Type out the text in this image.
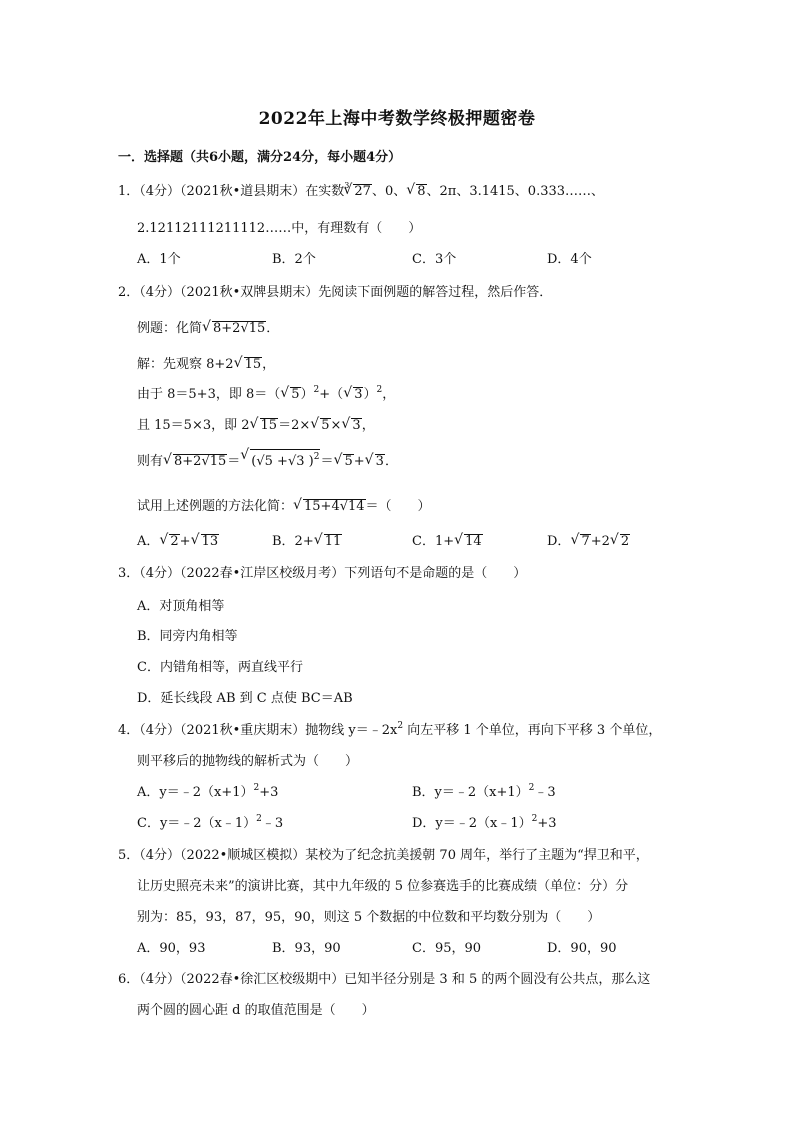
2022年上海中考数学终极押题密卷
一．选择题（共6小题，满分24分，每小题4分）
1．（4分）（2021秋•道县期末）在实数$^3$ √ 27、0、 √ 8、2π、3.1415、0.333……、
2.12112111211112……中，有理数有（　　）
A．1个	B．2个	C．3个	D．4个
2．（4分）（2021秋•双牌县期末）先阅读下面例题的解答过程，然后作答．
例题：化简 √ 8+2√15．
解：先观察 8+2 √ 15，
由于 8＝5+3，即 8＝（ √ 5）$^2$+（ √ 3）$^2$，
且 15＝5×3，即 2 √ 15＝2× √ 5× √ 3，
则有 √ 8+2√15＝ √ (√5 +√3 )$^2$＝ √ 5+ √ 3．
试用上述例题的方法化简： √ 15+4√14＝（　　）
A． √ 2+ √ 13	B．2+ √ 11	C．1+ √ 14	D． √ 7+2 √ 2
3．（4分）（2022春•江岸区校级月考）下列语句不是命题的是（　　）
A．对顶角相等
B．同旁内角相等
C．内错角相等，两直线平行
D．延长线段 AB 到 C 点使 BC＝AB
4．（4分）（2021秋•重庆期末）抛物线 $y=﹣2x^2$ 向左平移 1 个单位，再向下平移 3 个单位，
则平移后的抛物线的解析式为（　　）
A．$y=﹣2(x+1)^2+3$	B．$y=﹣2(x+1)^2﹣3$
C．y＝﹣2（x﹣1）$^2$﹣3	D．y＝﹣2（x﹣1）$^2$+3
5．（4分）（2022•顺城区模拟）某校为了纪念抗美援朝 70 周年，举行了主题为“捍卫和平，
让历史照亮未来”的演讲比赛，其中九年级的 5 位参赛选手的比赛成绩（单位：分）分
别为：85，93，87，95，90，则这 5 个数据的中位数和平均数分别为（　　）
A．90，93	B．93，90	C．95，90	D．90，90
6．（4分）（2022春•徐汇区校级期中）已知半径分别是 3 和 5 的两个圆没有公共点，那么这
两个圆的圆心距 d 的取值范围是（　　）
